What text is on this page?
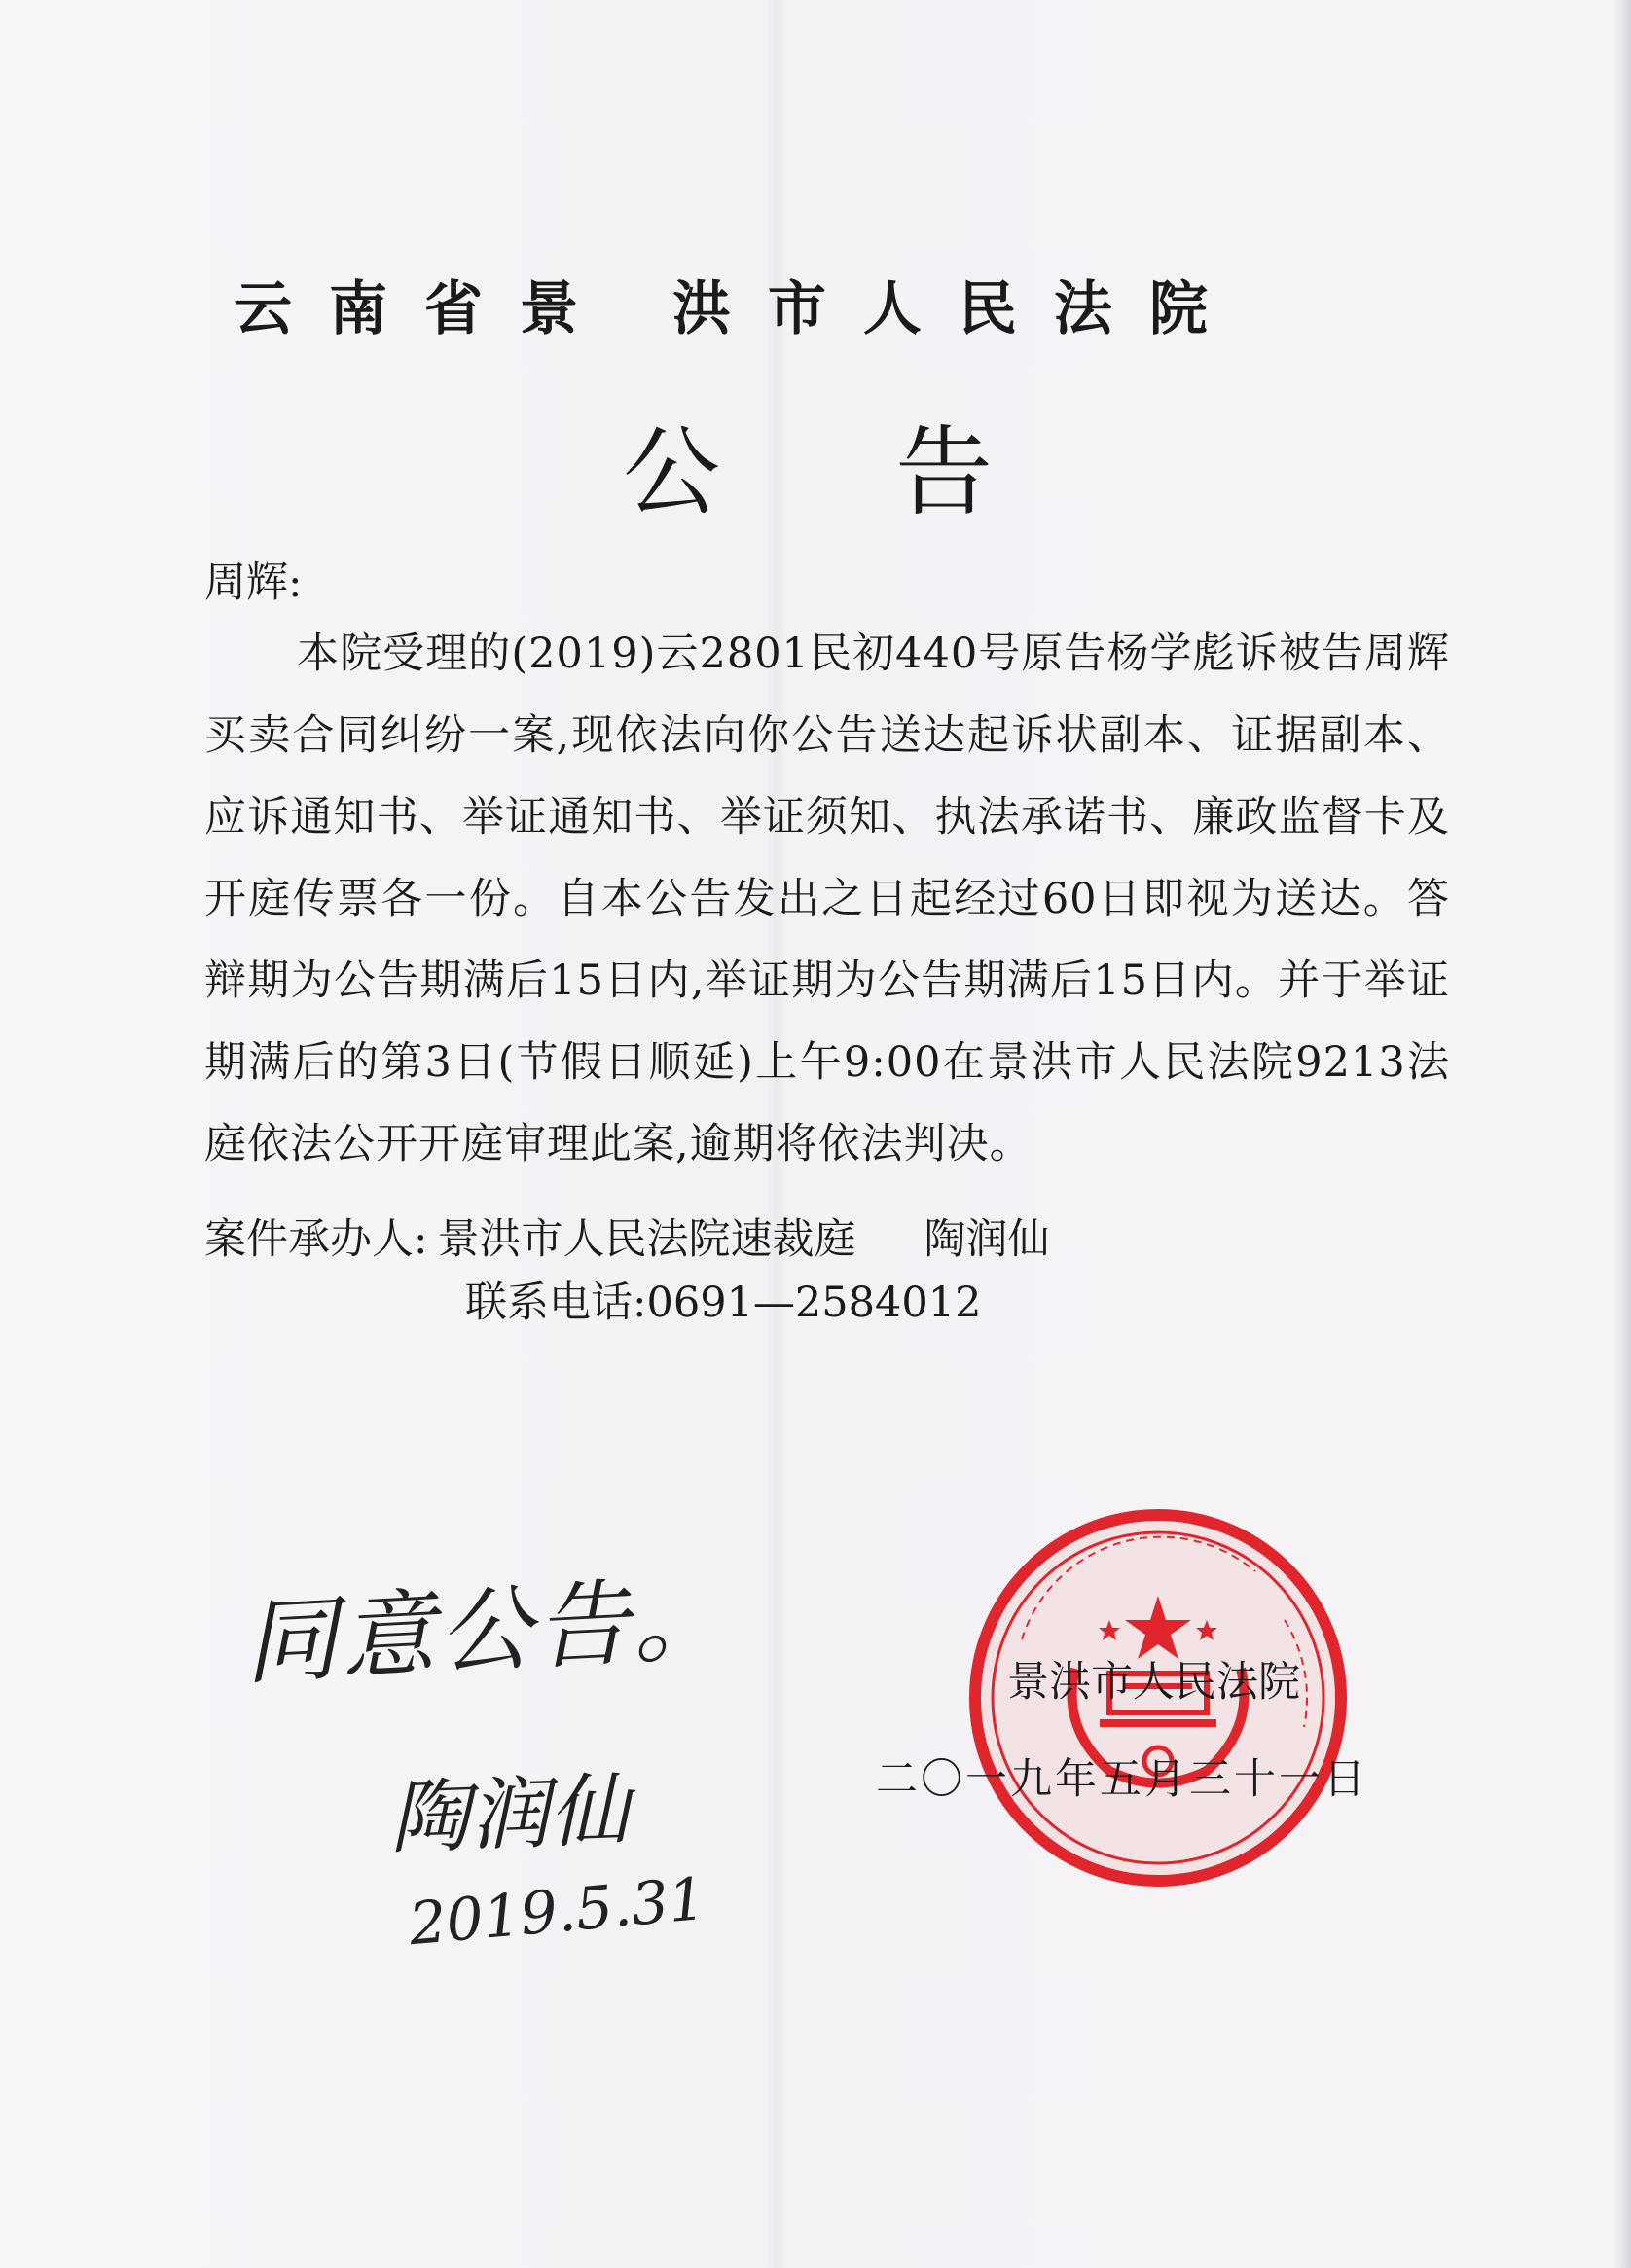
云南省景 洪市人民法院
公告
周辉:
本院受理的(2019)云2801民初440号原告杨学彪诉被告周辉买卖合同纠纷一案,现依法向你公告送达起诉状副本、证据副本、应诉通知书、举证通知书、举证须知、执法承诺书、廉政监督卡及开庭传票各一份。自本公告发出之日起经过60日即视为送达。答辩期为公告期满后15日内,举证期为公告期满后15日内。并于举证期满后的第3日(节假日顺延)上午9:00在景洪市人民法院9213法庭依法公开开庭审理此案,逾期将依法判决。
案件承办人: 景洪市人民法院速裁庭 陶润仙
联系电话:0691—2584012
同意公告。
陶润仙
2019.5.31
景洪市人民法院
二〇一九年五月三十一日
